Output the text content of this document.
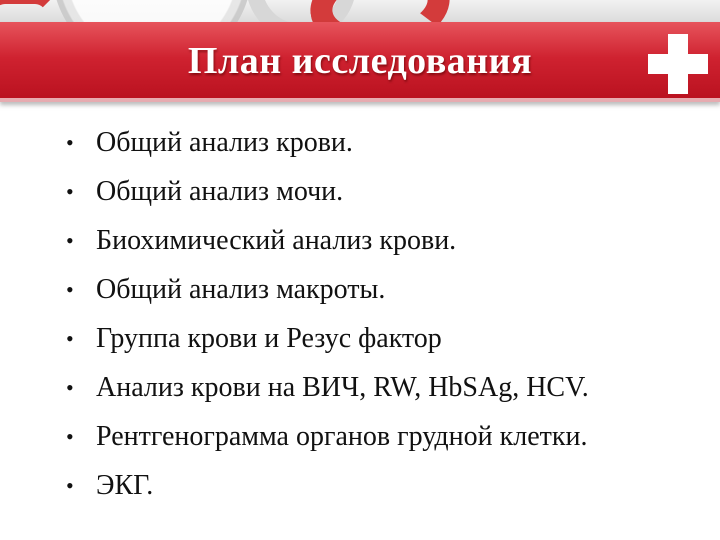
План исследования
• Общий анализ крови.
• Общий анализ мочи.
• Биохимический анализ крови.
• Общий анализ макроты.
• Группа крови и Резус фактор
• Анализ крови на ВИЧ, RW, HbSAg, HCV.
• Рентгенограмма органов грудной клетки.
• ЭКГ.
